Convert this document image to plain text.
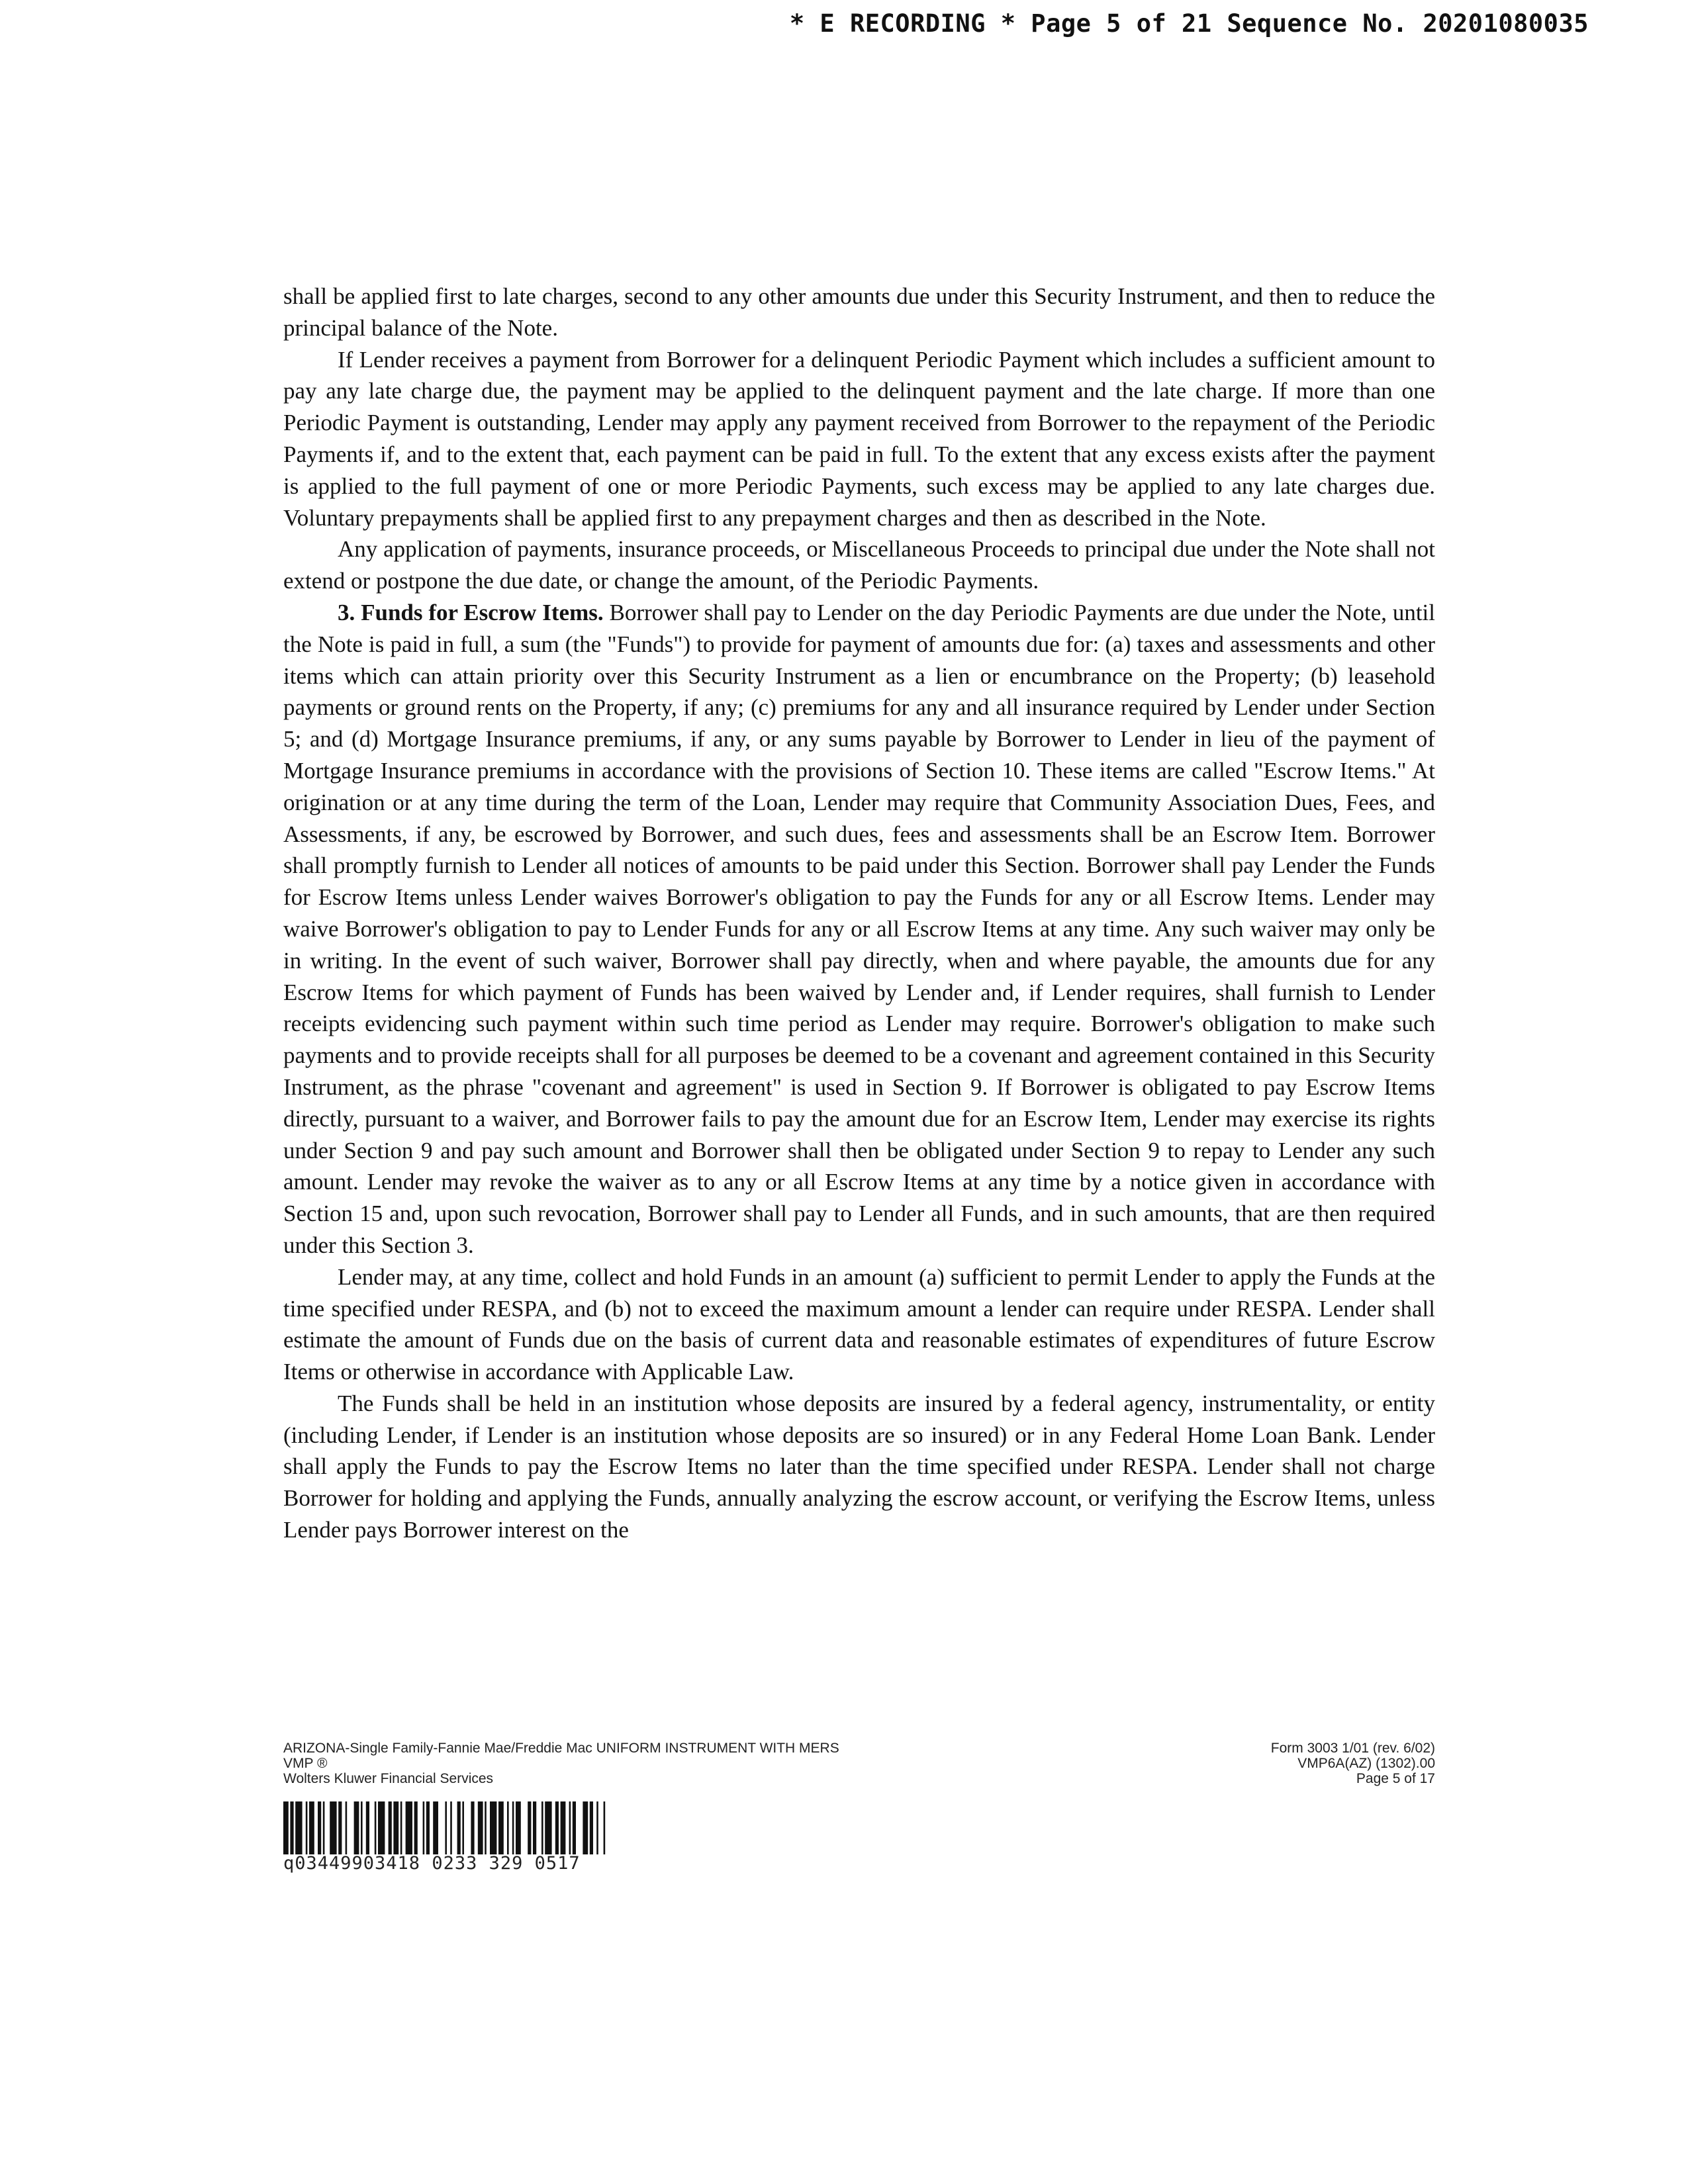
* E RECORDING * Page 5 of 21 Sequence No. 20201080035

shall be applied first to late charges, second to any other amounts due under this Security Instrument, and then to reduce the principal balance of the Note.

If Lender receives a payment from Borrower for a delinquent Periodic Payment which includes a sufficient amount to pay any late charge due, the payment may be applied to the delinquent payment and the late charge. If more than one Periodic Payment is outstanding, Lender may apply any payment received from Borrower to the repayment of the Periodic Payments if, and to the extent that, each payment can be paid in full. To the extent that any excess exists after the payment is applied to the full payment of one or more Periodic Payments, such excess may be applied to any late charges due. Voluntary prepayments shall be applied first to any prepayment charges and then as described in the Note.

Any application of payments, insurance proceeds, or Miscellaneous Proceeds to principal due under the Note shall not extend or postpone the due date, or change the amount, of the Periodic Payments.

3. Funds for Escrow Items. Borrower shall pay to Lender on the day Periodic Payments are due under the Note, until the Note is paid in full, a sum (the "Funds") to provide for payment of amounts due for: (a) taxes and assessments and other items which can attain priority over this Security Instrument as a lien or encumbrance on the Property; (b) leasehold payments or ground rents on the Property, if any; (c) premiums for any and all insurance required by Lender under Section 5; and (d) Mortgage Insurance premiums, if any, or any sums payable by Borrower to Lender in lieu of the payment of Mortgage Insurance premiums in accordance with the provisions of Section 10. These items are called "Escrow Items." At origination or at any time during the term of the Loan, Lender may require that Community Association Dues, Fees, and Assessments, if any, be escrowed by Borrower, and such dues, fees and assessments shall be an Escrow Item. Borrower shall promptly furnish to Lender all notices of amounts to be paid under this Section. Borrower shall pay Lender the Funds for Escrow Items unless Lender waives Borrower's obligation to pay the Funds for any or all Escrow Items. Lender may waive Borrower's obligation to pay to Lender Funds for any or all Escrow Items at any time. Any such waiver may only be in writing. In the event of such waiver, Borrower shall pay directly, when and where payable, the amounts due for any Escrow Items for which payment of Funds has been waived by Lender and, if Lender requires, shall furnish to Lender receipts evidencing such payment within such time period as Lender may require. Borrower's obligation to make such payments and to provide receipts shall for all purposes be deemed to be a covenant and agreement contained in this Security Instrument, as the phrase "covenant and agreement" is used in Section 9. If Borrower is obligated to pay Escrow Items directly, pursuant to a waiver, and Borrower fails to pay the amount due for an Escrow Item, Lender may exercise its rights under Section 9 and pay such amount and Borrower shall then be obligated under Section 9 to repay to Lender any such amount. Lender may revoke the waiver as to any or all Escrow Items at any time by a notice given in accordance with Section 15 and, upon such revocation, Borrower shall pay to Lender all Funds, and in such amounts, that are then required under this Section 3.

Lender may, at any time, collect and hold Funds in an amount (a) sufficient to permit Lender to apply the Funds at the time specified under RESPA, and (b) not to exceed the maximum amount a lender can require under RESPA. Lender shall estimate the amount of Funds due on the basis of current data and reasonable estimates of expenditures of future Escrow Items or otherwise in accordance with Applicable Law.

The Funds shall be held in an institution whose deposits are insured by a federal agency, instrumentality, or entity (including Lender, if Lender is an institution whose deposits are so insured) or in any Federal Home Loan Bank. Lender shall apply the Funds to pay the Escrow Items no later than the time specified under RESPA. Lender shall not charge Borrower for holding and applying the Funds, annually analyzing the escrow account, or verifying the Escrow Items, unless Lender pays Borrower interest on the

ARIZONA-Single Family-Fannie Mae/Freddie Mac UNIFORM INSTRUMENT WITH MERS
VMP ®
Wolters Kluwer Financial Services
Form 3003 1/01 (rev. 6/02)
VMP6A(AZ) (1302).00
Page 5 of 17
q03449903418 0233 329 0517
